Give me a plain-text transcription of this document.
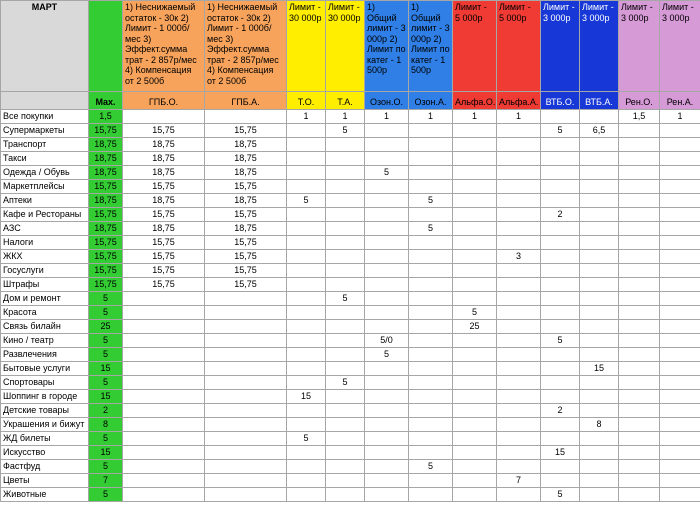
МАРТ		1) Неснижаемый остаток - 30к 2) Лимит - 1 000б/мес 3) Эффект.сумма трат - 2 857р/мес 4) Компенсация от 2 500б	1) Неснижаемый остаток - 30к 2) Лимит - 1 000б/мес 3) Эффект.сумма трат - 2 857р/мес 4) Компенсация от 2 500б	Лимит - 30 000р	Лимит - 30 000р	1) Общий лимит - 3 000р 2) Лимит по катег - 1 500р	1) Общий лимит - 3 000р 2) Лимит по катег - 1 500р	Лимит - 5 000р	Лимит - 5 000р	Лимит - 3 000р	Лимит - 3 000р	Лимит - 3 000р	Лимит - 3 000р
	Max.	ГПБ.О.	ГПБ.А.	Т.О.	Т.А.	Озон.О.	Озон.А.	Альфа.О.	Альфа.А.	ВТБ.О.	ВТБ.А.	Рен.О.	Рен.А.
Все покупки	1,5			1	1	1	1	1	1			1,5	1
Супермаркеты	15,75	15,75	15,75		5					5	6,5		
Транспорт	18,75	18,75	18,75										
Такси	18,75	18,75	18,75										
Одежда / Обувь	18,75	18,75	18,75			5							
Маркетплейсы	15,75	15,75	15,75										
Аптеки	18,75	18,75	18,75	5			5						
Кафе и Рестораны	15,75	15,75	15,75							2			
АЗС	18,75	18,75	18,75				5						
Налоги	15,75	15,75	15,75										
ЖКХ	15,75	15,75	15,75						3				
Госуслуги	15,75	15,75	15,75										
Штрафы	15,75	15,75	15,75										
Дом и ремонт	5				5								
Красота	5							5					
Связь билайн	25							25					
Кино / театр	5					5/0				5			
Развлечения	5					5							
Бытовые услуги	15										15		
Спортовары	5				5								
Шоппинг в городе	15			15									
Детские товары	2									2			
Украшения и бижут	8										8		
ЖД билеты	5			5									
Искусство	15									15			
Фастфуд	5						5						
Цветы	7								7				
Животные	5									5			
